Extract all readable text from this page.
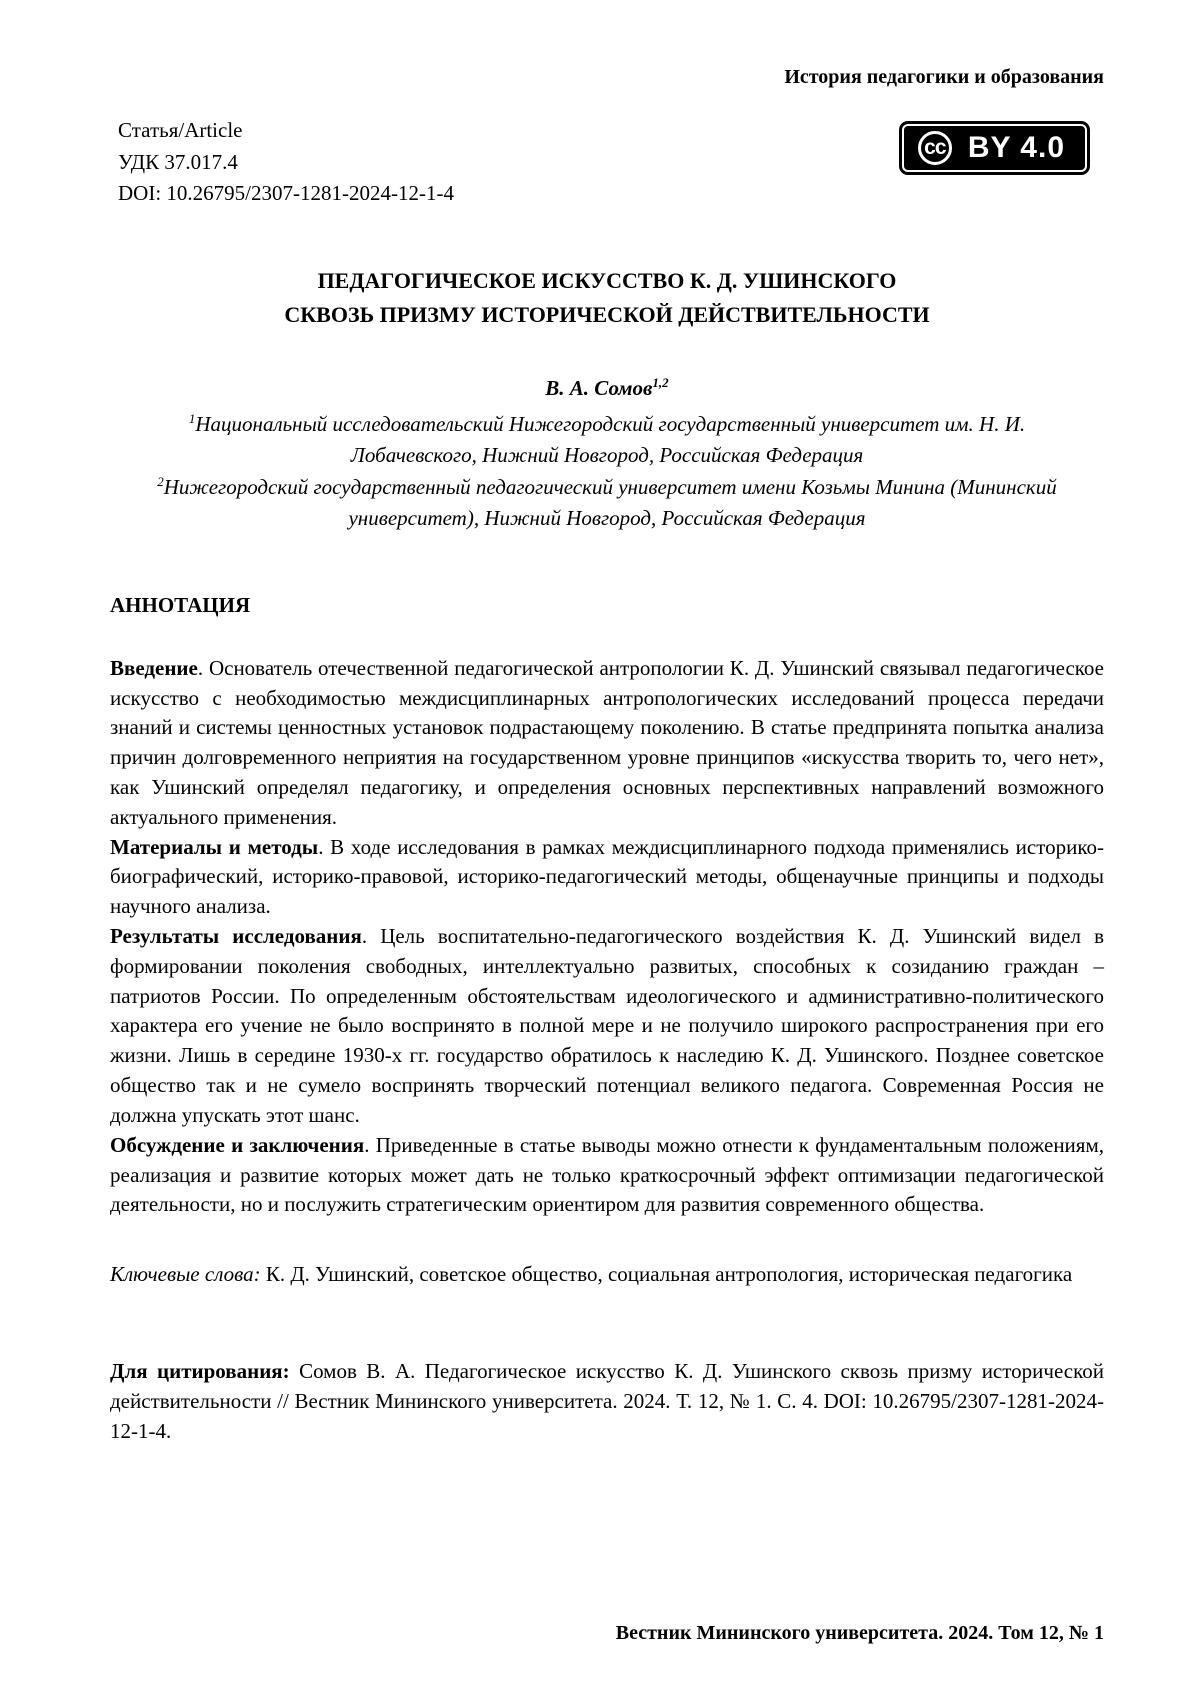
История педагогики и образования
Статья/Article
УДК 37.017.4
DOI: 10.26795/2307-1281-2024-12-1-4
cc BY 4.0
ПЕДАГОГИЧЕСКОЕ ИСКУССТВО К. Д. УШИНСКОГО
СКВОЗЬ ПРИЗМУ ИСТОРИЧЕСКОЙ ДЕЙСТВИТЕЛЬНОСТИ
В. А. Сомов$^{1,2}$
$^1$Национальный исследовательский Нижегородский государственный университет им. Н. И. Лобачевского, Нижний Новгород, Российская Федерация
$^2$Нижегородский государственный педагогический университет имени Козьмы Минина (Мининский университет), Нижний Новгород, Российская Федерация
АННОТАЦИЯ

Введение. Основатель отечественной педагогической антропологии К. Д. Ушинский связывал педагогическое искусство с необходимостью междисциплинарных антропологических исследований процесса передачи знаний и системы ценностных установок подрастающему поколению. В статье предпринята попытка анализа причин долговременного неприятия на государственном уровне принципов «искусства творить то, чего нет», как Ушинский определял педагогику, и определения основных перспективных направлений возможного актуального применения.

Материалы и методы. В ходе исследования в рамках междисциплинарного подхода применялись историко-биографический, историко-правовой, историко-педагогический методы, общенаучные принципы и подходы научного анализа.

Результаты исследования. Цель воспитательно-педагогического воздействия К. Д. Ушинский видел в формировании поколения свободных, интеллектуально развитых, способных к созиданию граждан – патриотов России. По определенным обстоятельствам идеологического и административно-политического характера его учение не было воспринято в полной мере и не получило широкого распространения при его жизни. Лишь в середине 1930-х гг. государство обратилось к наследию К. Д. Ушинского. Позднее советское общество так и не сумело воспринять творческий потенциал великого педагога. Современная Россия не должна упускать этот шанс.

Обсуждение и заключения. Приведенные в статье выводы можно отнести к фундаментальным положениям, реализация и развитие которых может дать не только краткосрочный эффект оптимизации педагогической деятельности, но и послужить стратегическим ориентиром для развития современного общества.

Ключевые слова: К. Д. Ушинский, советское общество, социальная антропология, историческая педагогика

Для цитирования: Сомов В. А. Педагогическое искусство К. Д. Ушинского сквозь призму исторической действительности // Вестник Мининского университета. 2024. Т. 12, № 1. С. 4. DOI: 10.26795/2307-1281-2024-12-1-4.

Вестник Мининского университета. 2024. Том 12, № 1
